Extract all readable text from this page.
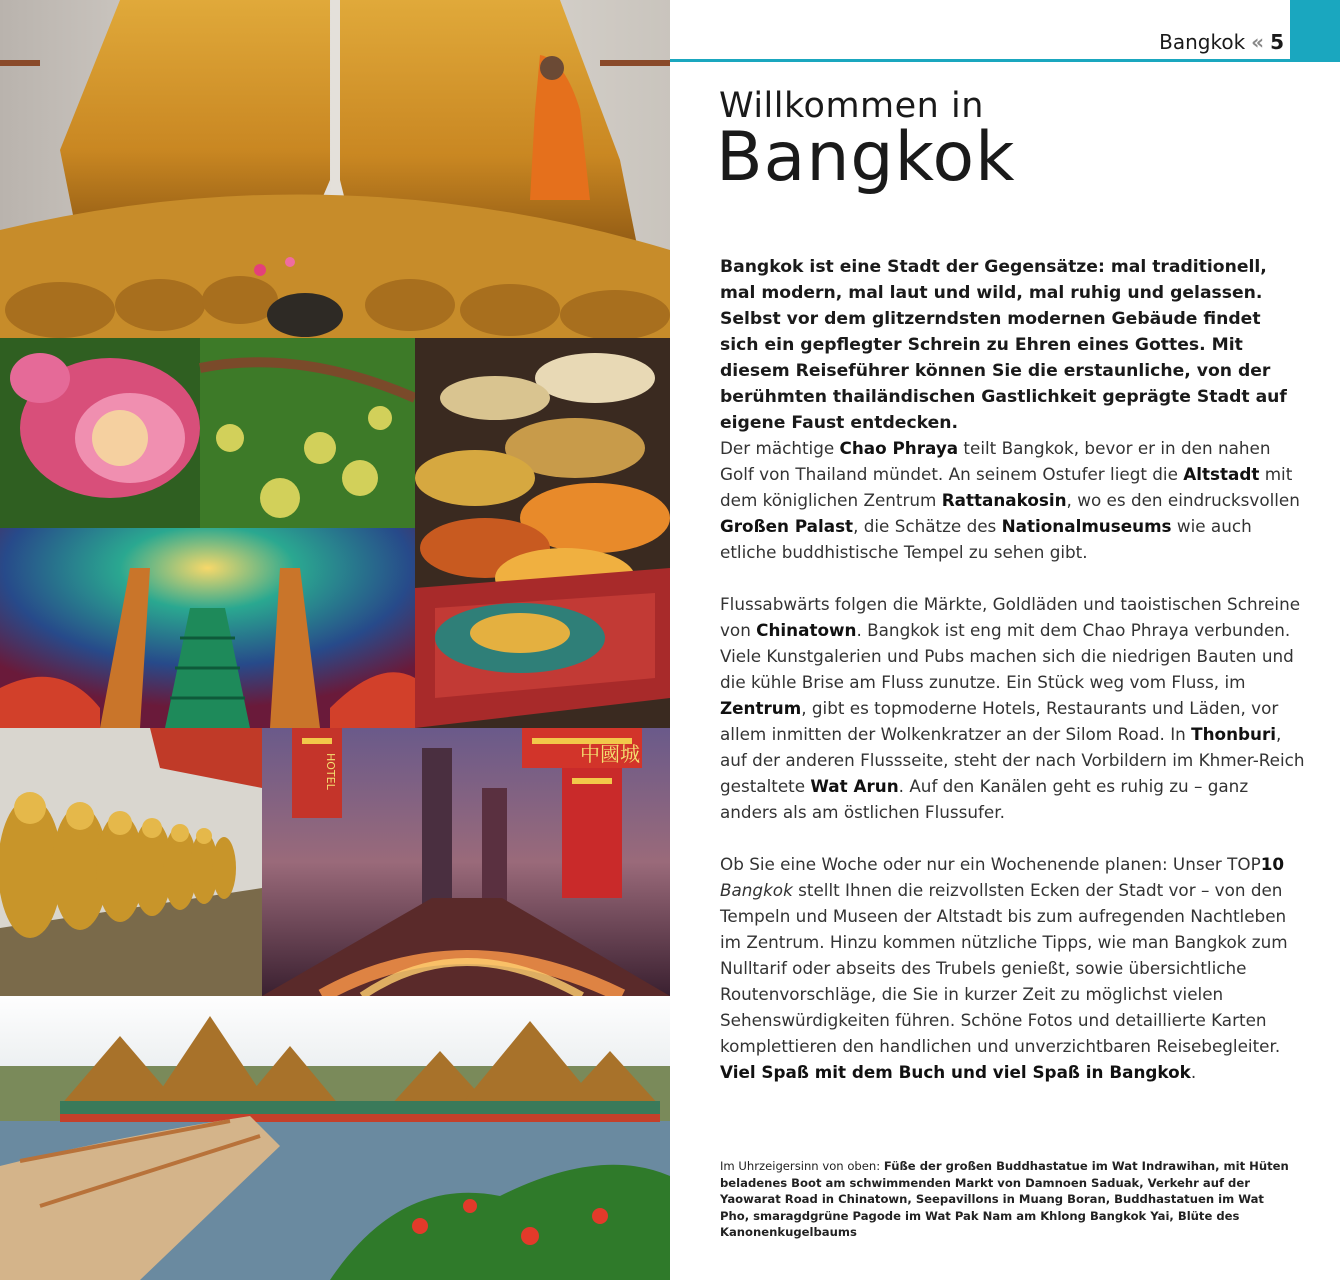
中國城
HOTEL
Bangkok « 5
Willkommen in
Bangkok
Bangkok ist eine Stadt der Gegensätze: mal traditionell, mal modern, mal laut und wild, mal ruhig und gelassen. Selbst vor dem glitzerndsten modernen Gebäude findet sich ein gepflegter Schrein zu Ehren eines Gottes. Mit diesem Reiseführer können Sie die erstaunliche, von der berühmten thailändischen Gastlichkeit geprägte Stadt auf eigene Faust entdecken.
Der mächtige Chao Phraya teilt Bangkok, bevor er in den nahen Golf von Thailand mündet. An seinem Ostufer liegt die Altstadt mit dem königlichen Zentrum Rattanakosin, wo es den eindrucksvollen Großen Palast, die Schätze des Nationalmuseums wie auch etliche buddhistische Tempel zu sehen gibt.
Flussabwärts folgen die Märkte, Goldläden und taoistischen Schreine von Chinatown. Bangkok ist eng mit dem Chao Phraya verbunden. Viele Kunstgalerien und Pubs machen sich die niedrigen Bauten und die kühle Brise am Fluss zunutze. Ein Stück weg vom Fluss, im Zentrum, gibt es topmoderne Hotels, Restaurants und Läden, vor allem inmitten der Wolkenkratzer an der Silom Road. In Thonburi, auf der anderen Flussseite, steht der nach Vorbildern im Khmer-Reich gestaltete Wat Arun. Auf den Kanälen geht es ruhig zu – ganz anders als am östlichen Flussufer.
Ob Sie eine Woche oder nur ein Wochenende planen: Unser TOP10 Bangkok stellt Ihnen die reizvollsten Ecken der Stadt vor – von den Tempeln und Museen der Altstadt bis zum aufregenden Nachtleben im Zentrum. Hinzu kommen nützliche Tipps, wie man Bangkok zum Nulltarif oder abseits des Trubels genießt, sowie übersichtliche Routenvorschläge, die Sie in kurzer Zeit zu möglichst vielen Sehenswürdigkeiten führen. Schöne Fotos und detaillierte Karten komplettieren den handlichen und unverzichtbaren Reisebegleiter. Viel Spaß mit dem Buch und viel Spaß in Bangkok.
Im Uhrzeigersinn von oben: Füße der großen Buddhastatue im Wat Indrawihan, mit Hüten beladenes Boot am schwimmenden Markt von Damnoen Saduak, Verkehr auf der Yaowarat Road in Chinatown, Seepavillons in Muang Boran, Buddhastatuen im Wat Pho, smaragdgrüne Pagode im Wat Pak Nam am Khlong Bangkok Yai, Blüte des Kanonenkugelbaums
